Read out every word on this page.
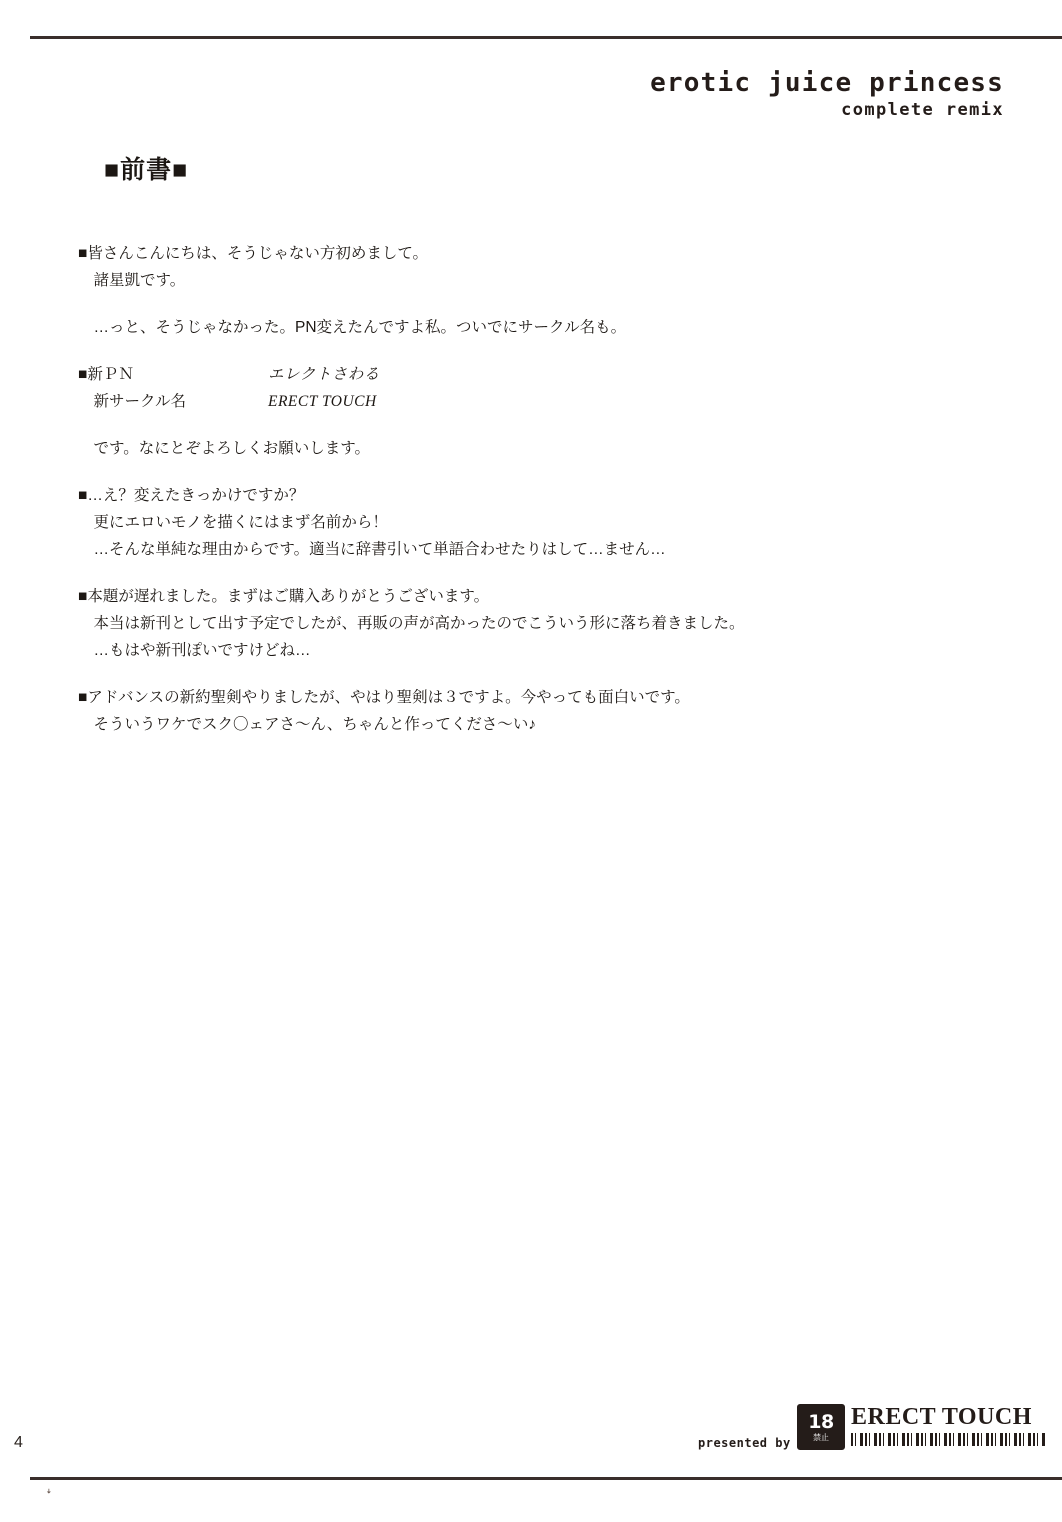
ꜜ
erotic juice princess
complete remix
■前書■
■皆さんこんにちは、そうじゃない方初めまして。
　諸星凱です。
　…っと、そうじゃなかった。PN変えたんですよ私。ついでにサークル名も。
■新ＰＮ	エレクトさわる
　新サークル名	ERECT TOUCH
　です。なにとぞよろしくお願いします。
■…え？変えたきっかけですか？
　更にエロいモノを描くにはまず名前から！
　…そんな単純な理由からです。適当に辞書引いて単語合わせたりはして…ません…
■本題が遅れました。まずはご購入ありがとうございます。
　本当は新刊として出す予定でしたが、再販の声が高かったのでこういう形に落ち着きました。
　…もはや新刊ぽいですけどね…
■アドバンスの新約聖剣やりましたが、やはり聖剣は３ですよ。今やっても面白いです。
　そういうワケでスク〇ェアさ～ん、ちゃんと作ってくださ～い♪
4	presented by
18
禁止
ERECT TOUCH
